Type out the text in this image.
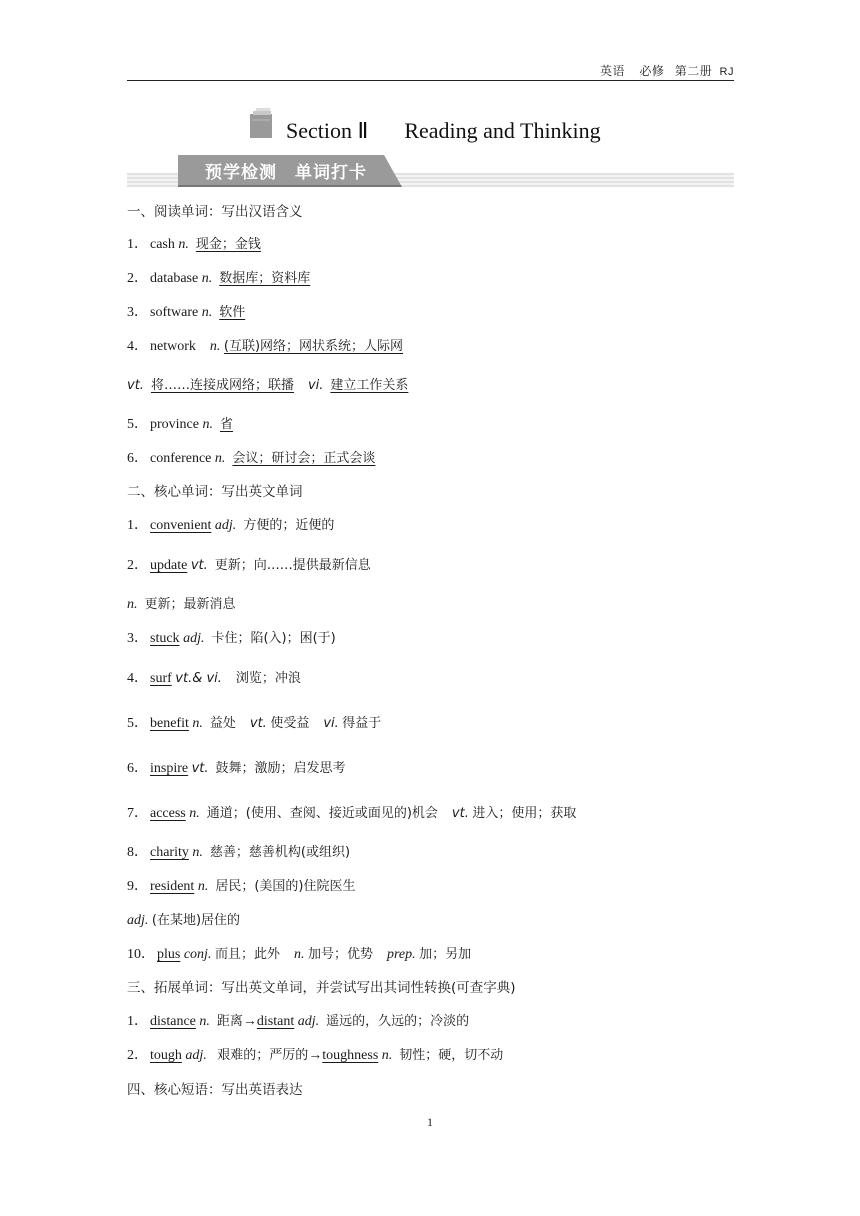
英语 必修 第二册 RJ
Section Ⅱ Reading and Thinking
预学检测　单词打卡
一、阅读单词：写出汉语含义
1． cash n. 现金；金钱
2． database n. 数据库；资料库
3． software n. 软件
4． network n. (互联)网络；网状系统；人际网
vt. 将……连接成网络；联播 vi. 建立工作关系
5． province n. 省
6． conference n. 会议；研讨会；正式会谈
二、核心单词：写出英文单词
1． convenient adj. 方便的；近便的
2． update vt. 更新；向……提供最新信息
n. 更新；最新消息
3． stuck adj. 卡住；陷(入)；困(于)
4． surf vt.& vi. 浏览；冲浪
5． benefit n. 益处 vt. 使受益 vi. 得益于
6． inspire vt. 鼓舞；激励；启发思考
7． access n. 通道；(使用、查阅、接近或面见的)机会 vt. 进入；使用；获取
8． charity n. 慈善；慈善机构(或组织)
9． resident n. 居民；(美国的)住院医生
adj. (在某地)居住的
10． plus conj. 而且；此外 n. 加号；优势 prep. 加；另加
三、拓展单词：写出英文单词，并尝试写出其词性转换(可查字典)
1． distance n. 距离→distant adj. 遥远的，久远的；冷淡的
2． tough adj. 艰难的；严厉的→toughness n. 韧性；硬，切不动
四、核心短语：写出英语表达
1
